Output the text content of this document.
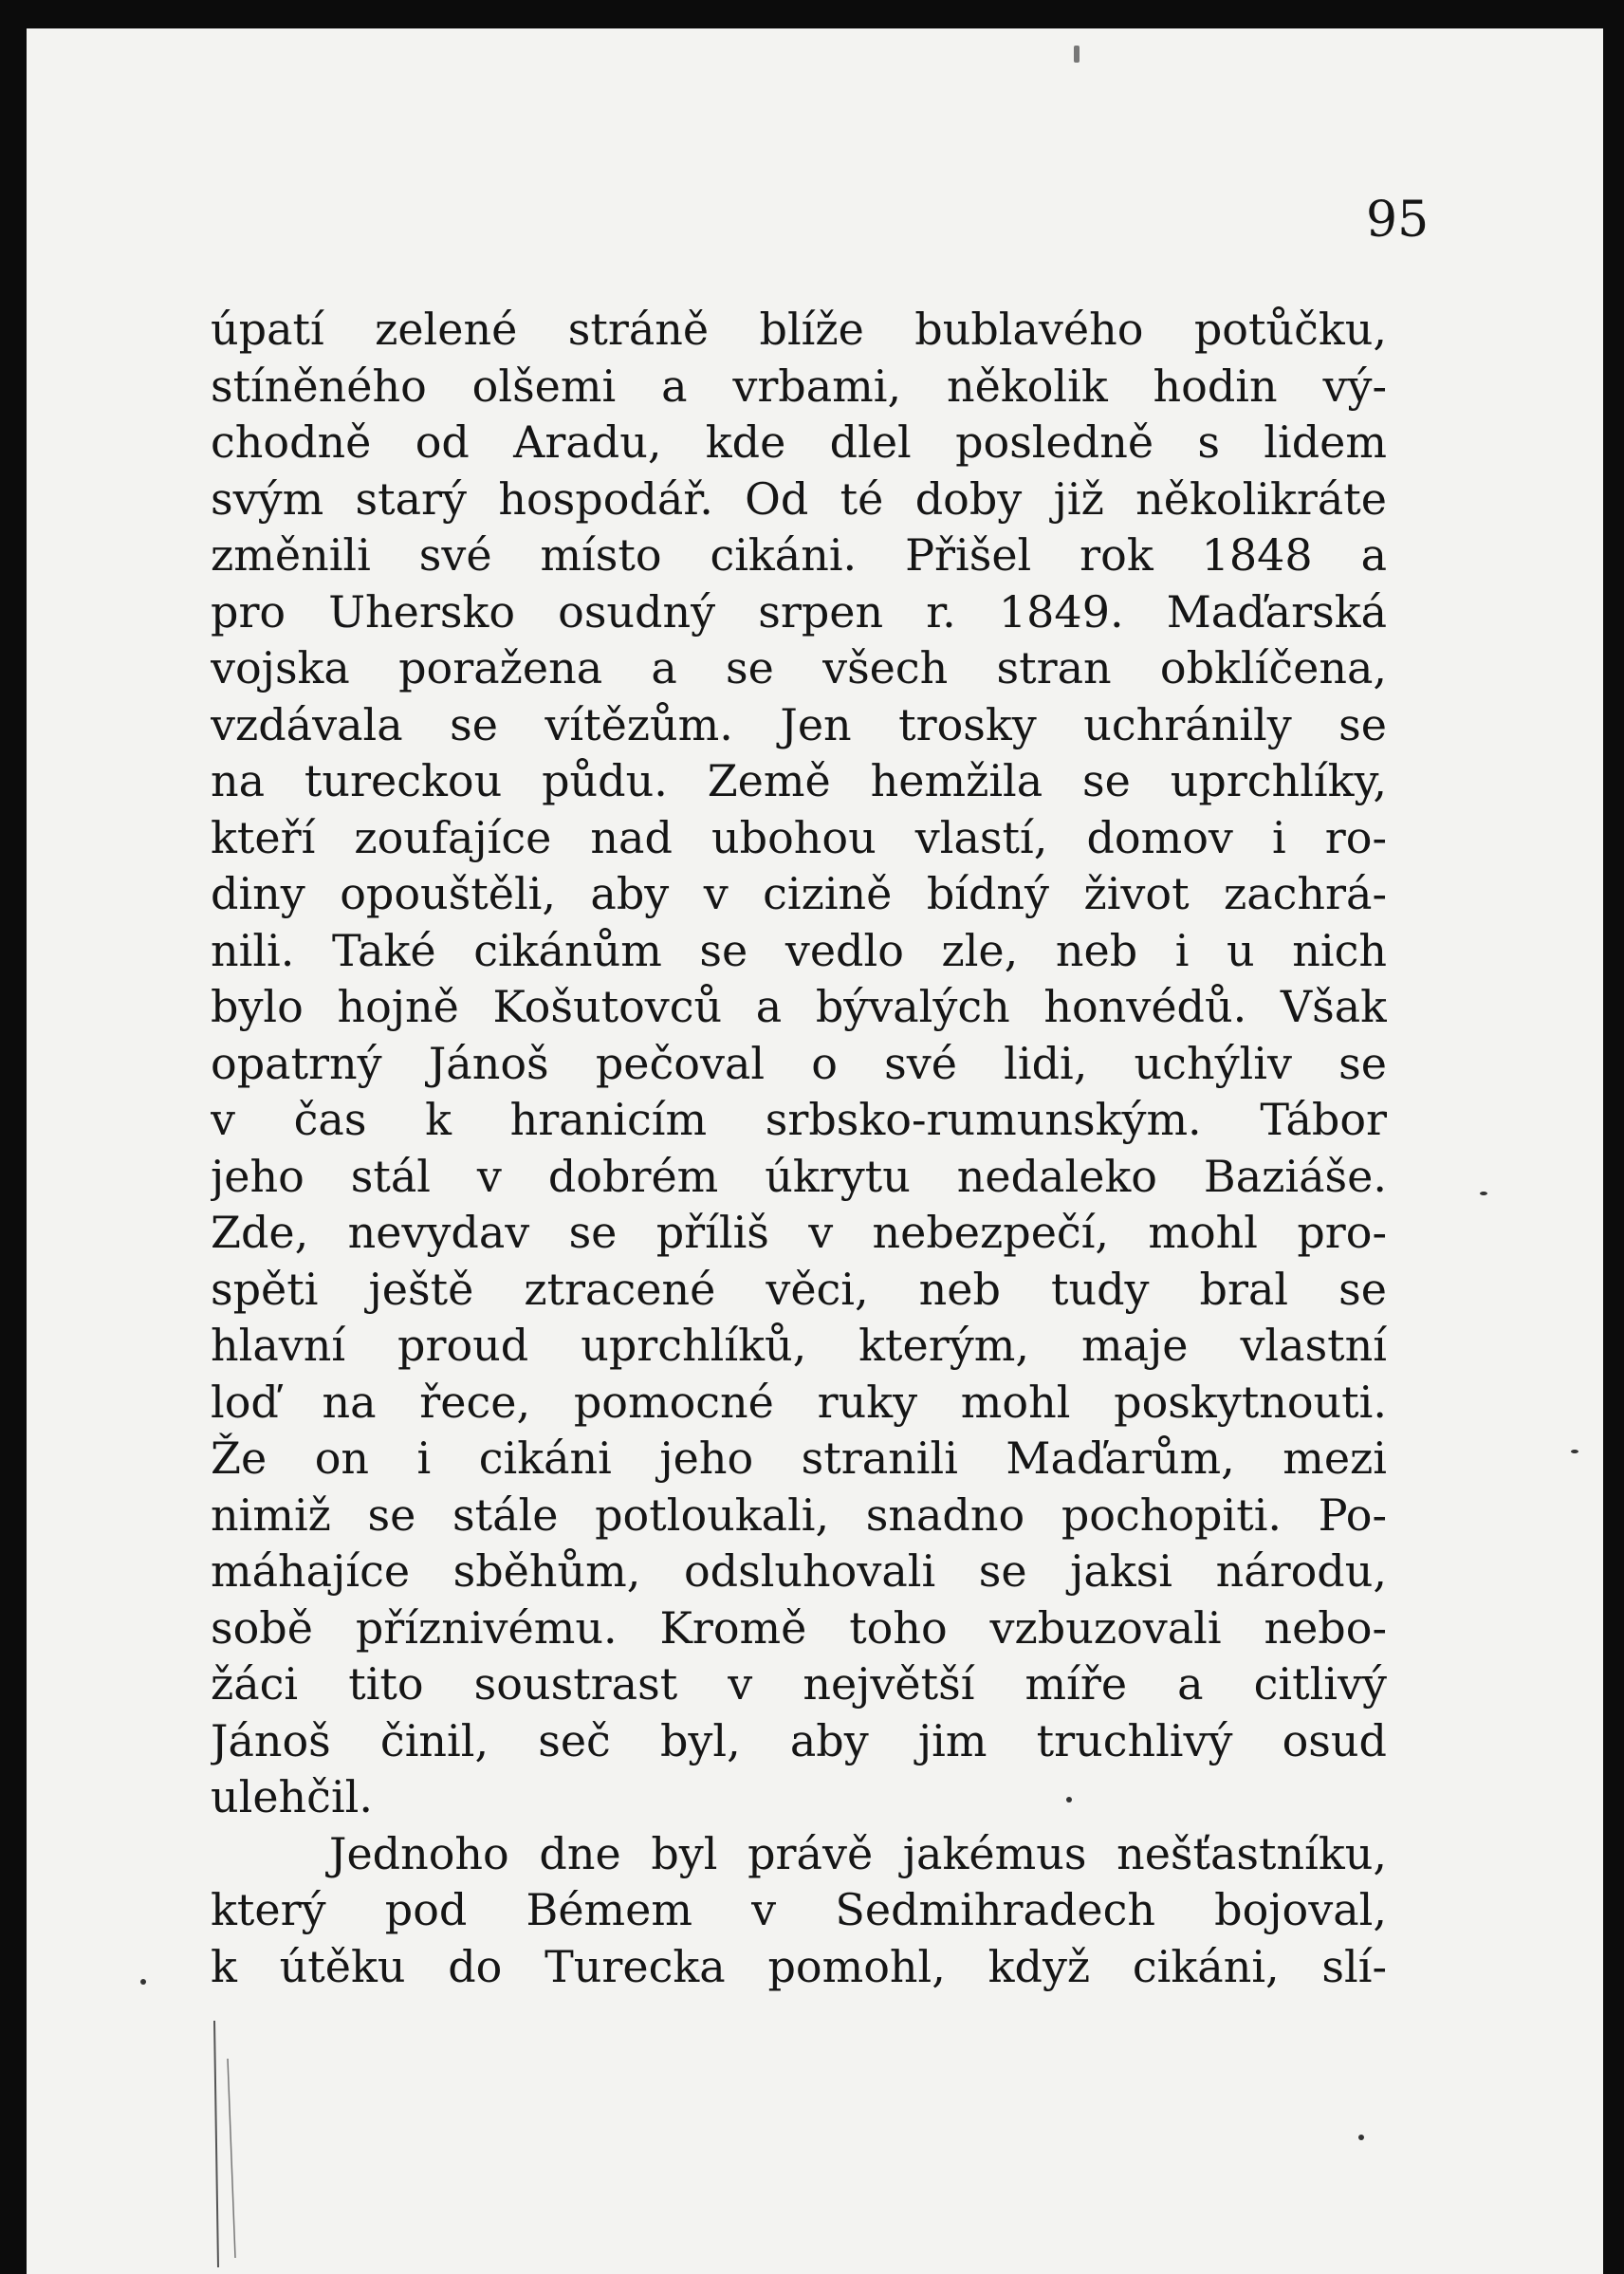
95

úpatí zelené stráně blíže bublavého potůčku,
stíněného olšemi a vrbami, několik hodin vý-
chodně od Aradu, kde dlel posledně s lidem
svým starý hospodář. Od té doby již několikráte
změnili své místo cikáni. Přišel rok 1848 a
pro Uhersko osudný srpen r. 1849. Maďarská
vojska poražena a se všech stran obklíčena,
vzdávala se vítězům. Jen trosky uchránily se
na tureckou půdu. Země hemžila se uprchlíky,
kteří zoufajíce nad ubohou vlastí, domov i ro-
diny opouštěli, aby v cizině bídný život zachrá-
nili. Také cikánům se vedlo zle, neb i u nich
bylo hojně Košutovců a bývalých honvédů. Však
opatrný Jánoš pečoval o své lidi, uchýliv se
v čas k hranicím srbsko-rumunským. Tábor
jeho stál v dobrém úkrytu nedaleko Baziáše.
Zde, nevydav se příliš v nebezpečí, mohl pro-
spěti ještě ztracené věci, neb tudy bral se
hlavní proud uprchlíků, kterým, maje vlastní
loď na řece, pomocné ruky mohl poskytnouti.
Že on i cikáni jeho stranili Maďarům, mezi
nimiž se stále potloukali, snadno pochopiti. Po-
máhajíce sběhům, odsluhovali se jaksi národu,
sobě příznivému. Kromě toho vzbuzovali nebo-
žáci tito soustrast v největší míře a citlivý
Jánoš činil, seč byl, aby jim truchlivý osud
ulehčil.
Jednoho dne byl právě jakémus nešťastníku,
který pod Bémem v Sedmihradech bojoval,
k útěku do Turecka pomohl, když cikáni, slí-
